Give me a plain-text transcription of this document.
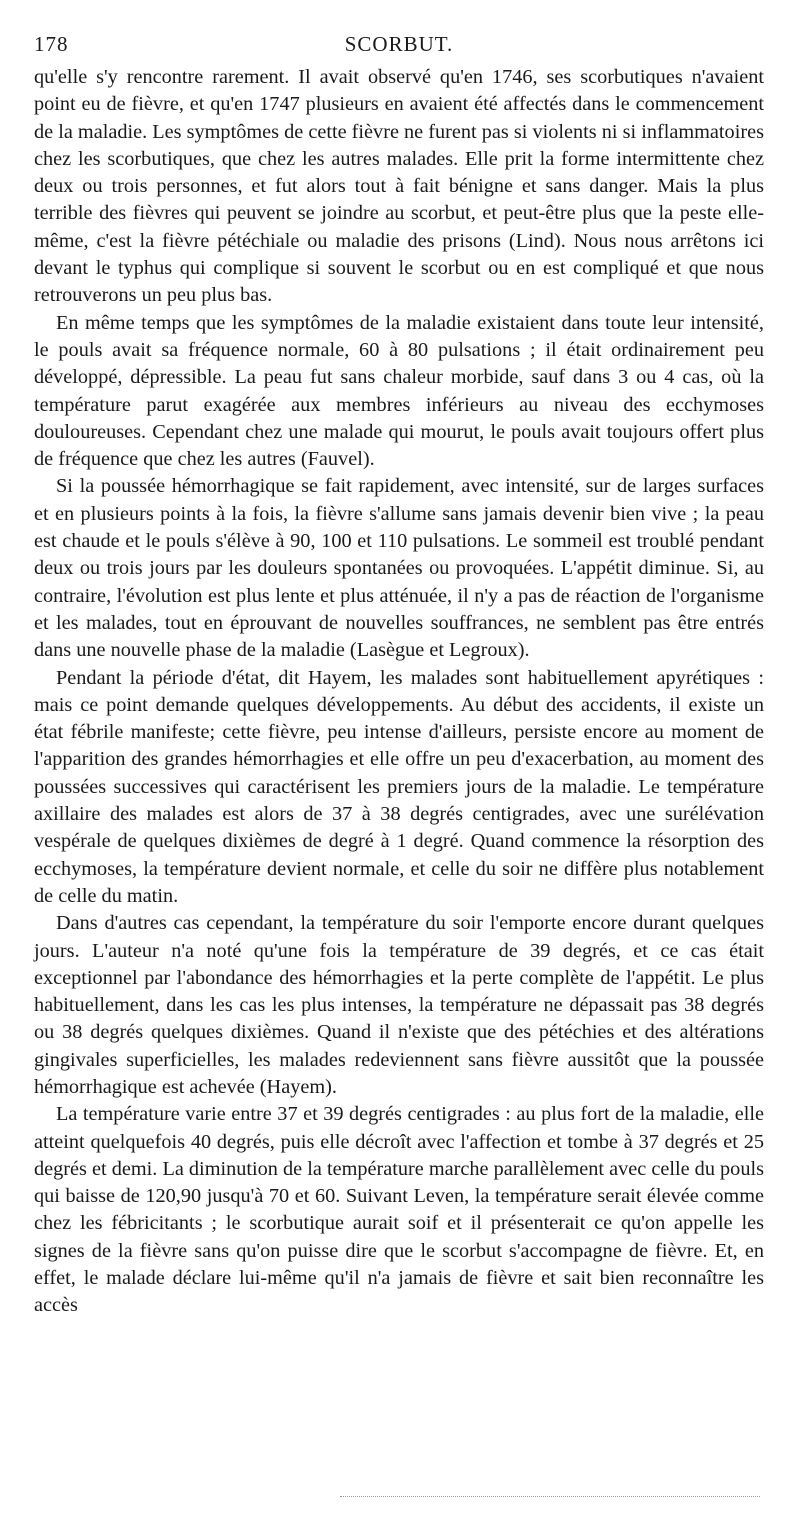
178	SCORBUT.

qu'elle s'y rencontre rarement. Il avait observé qu'en 1746, ses scorbutiques n'avaient point eu de fièvre, et qu'en 1747 plusieurs en avaient été affectés dans le commencement de la maladie. Les symptômes de cette fièvre ne furent pas si violents ni si inflammatoires chez les scorbutiques, que chez les autres malades. Elle prit la forme intermittente chez deux ou trois personnes, et fut alors tout à fait bénigne et sans danger. Mais la plus terrible des fièvres qui peuvent se joindre au scorbut, et peut-être plus que la peste elle-même, c'est la fièvre pétéchiale ou maladie des prisons (Lind). Nous nous arrêtons ici devant le typhus qui complique si souvent le scorbut ou en est compliqué et que nous retrouverons un peu plus bas.

En même temps que les symptômes de la maladie existaient dans toute leur intensité, le pouls avait sa fréquence normale, 60 à 80 pulsations ; il était ordinairement peu développé, dépressible. La peau fut sans chaleur morbide, sauf dans 3 ou 4 cas, où la température parut exagérée aux membres inférieurs au niveau des ecchymoses douloureuses. Cependant chez une malade qui mourut, le pouls avait toujours offert plus de fréquence que chez les autres (Fauvel).

Si la poussée hémorrhagique se fait rapidement, avec intensité, sur de larges surfaces et en plusieurs points à la fois, la fièvre s'allume sans jamais devenir bien vive ; la peau est chaude et le pouls s'élève à 90, 100 et 110 pulsations. Le sommeil est troublé pendant deux ou trois jours par les douleurs spontanées ou provoquées. L'appétit diminue. Si, au contraire, l'évolution est plus lente et plus atténuée, il n'y a pas de réaction de l'organisme et les malades, tout en éprouvant de nouvelles souffrances, ne semblent pas être entrés dans une nouvelle phase de la maladie (Lasègue et Legroux).

Pendant la période d'état, dit Hayem, les malades sont habituellement apyrétiques : mais ce point demande quelques développements. Au début des accidents, il existe un état fébrile manifeste; cette fièvre, peu intense d'ailleurs, persiste encore au moment de l'apparition des grandes hémorrhagies et elle offre un peu d'exacerbation, au moment des poussées successives qui caractérisent les premiers jours de la maladie. Le température axillaire des malades est alors de 37 à 38 degrés centigrades, avec une surélévation vespérale de quelques dixièmes de degré à 1 degré. Quand commence la résorption des ecchymoses, la température devient normale, et celle du soir ne diffère plus notablement de celle du matin.

Dans d'autres cas cependant, la température du soir l'emporte encore durant quelques jours. L'auteur n'a noté qu'une fois la température de 39 degrés, et ce cas était exceptionnel par l'abondance des hémorrhagies et la perte complète de l'appétit. Le plus habituellement, dans les cas les plus intenses, la température ne dépassait pas 38 degrés ou 38 degrés quelques dixièmes. Quand il n'existe que des pétéchies et des altérations gingivales superficielles, les malades redeviennent sans fièvre aussitôt que la poussée hémorrhagique est achevée (Hayem).

La température varie entre 37 et 39 degrés centigrades : au plus fort de la maladie, elle atteint quelquefois 40 degrés, puis elle décroît avec l'affection et tombe à 37 degrés et 25 degrés et demi. La diminution de la température marche parallèlement avec celle du pouls qui baisse de 120,90 jusqu'à 70 et 60. Suivant Leven, la température serait élevée comme chez les fébricitants ; le scorbutique aurait soif et il présenterait ce qu'on appelle les signes de la fièvre sans qu'on puisse dire que le scorbut s'accompagne de fièvre. Et, en effet, le malade déclare lui-même qu'il n'a jamais de fièvre et sait bien reconnaître les accès
